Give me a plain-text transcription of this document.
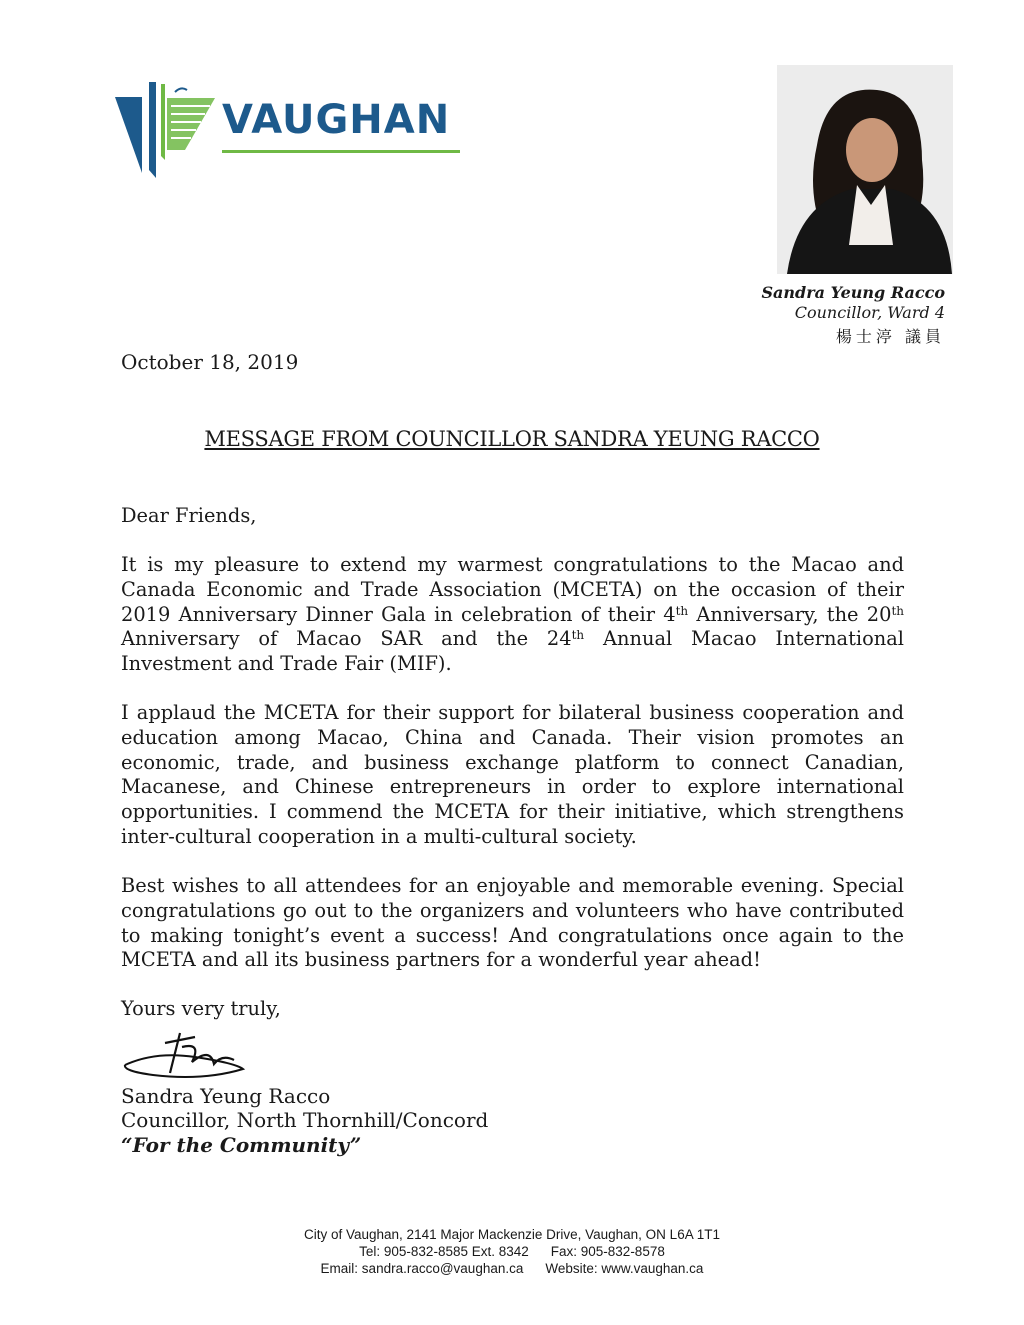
VAUGHAN
Sandra Yeung Racco
Councillor, Ward 4
楊士渟 議員
October 18, 2019
MESSAGE FROM COUNCILLOR SANDRA YEUNG RACCO
Dear Friends,
It is my pleasure to extend my warmest congratulations to the Macao and Canada Economic and Trade Association (MCETA) on the occasion of their 2019 Anniversary Dinner Gala in celebration of their 4th Anniversary, the 20th Anniversary of Macao SAR and the 24th Annual Macao International Investment and Trade Fair (MIF).
I applaud the MCETA for their support for bilateral business cooperation and education among Macao, China and Canada. Their vision promotes an economic, trade, and business exchange platform to connect Canadian, Macanese, and Chinese entrepreneurs in order to explore international opportunities. I commend the MCETA for their initiative, which strengthens inter-cultural cooperation in a multi-cultural society.
Best wishes to all attendees for an enjoyable and memorable evening. Special congratulations go out to the organizers and volunteers who have contributed to making tonight’s event a success! And congratulations once again to the MCETA and all its business partners for a wonderful year ahead!
Yours very truly,
Sandra Yeung Racco
Councillor, North Thornhill/Concord
“For the Community”
City of Vaughan, 2141 Major Mackenzie Drive, Vaughan, ON L6A 1T1
Tel: 905-832-8585 Ext. 8342 Fax: 905-832-8578
Email: sandra.racco@vaughan.ca Website: www.vaughan.ca
